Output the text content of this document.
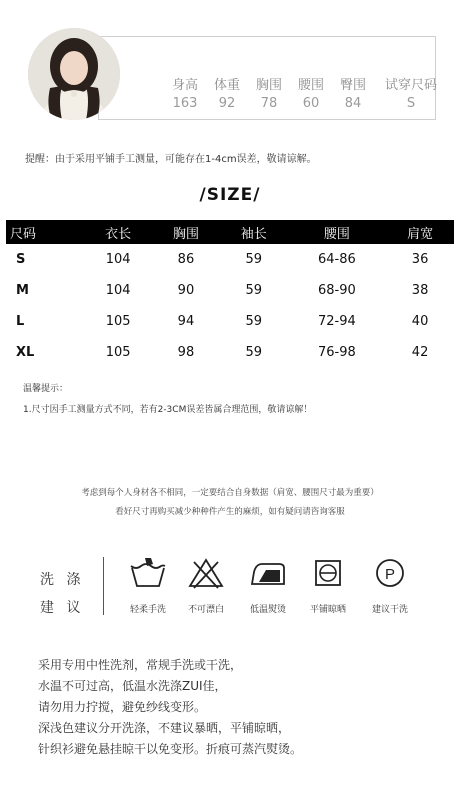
身高	体重	胸围	腰围	臀围	试穿尺码
163	92	78	60	84	S
提醒：由于采用平铺手工测量，可能存在1-4cm误差，敬请谅解。
/SIZE/
尺码	衣长	胸围	袖长	腰围	肩宽
S	104	86	59	64-86	36
M	104	90	59	68-90	38
L	105	94	59	72-94	40
XL	105	98	59	76-98	42
温馨提示：
1.尺寸因手工测量方式不同，若有2-3CM误差皆属合理范围，敬请谅解！
考虑到每个人身材各不相同，一定要结合自身数据（肩宽、腰围尺寸最为重要）
看好尺寸再购买减少种种件产生的麻烦，如有疑问请咨询客服
洗 涤
建 议	轻柔手洗	不可漂白	低温熨烫	平铺晾晒
P
建议干洗
采用专用中性洗剂，常规手洗或干洗，
水温不可过高，低温水洗涤ZUI佳，
请勿用力拧搅，避免纱线变形。
深浅色建议分开洗涤，不建议暴晒，平铺晾晒，
针织衫避免悬挂晾干以免变形。折痕可蒸汽熨烫。
